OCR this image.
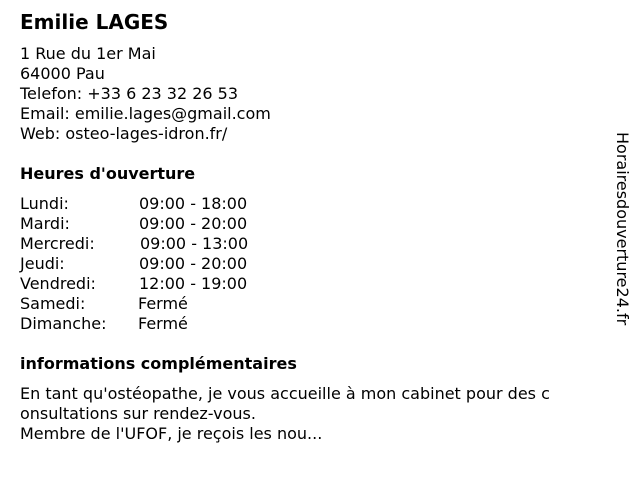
Emilie LAGES
1 Rue du 1er Mai
64000 Pau
Telefon: +33 6 23 32 26 53
Email: emilie.lages@gmail.com
Web: osteo-lages-idron.fr/
Heures d'ouverture
Lundi:	09:00 - 18:00
Mardi:	09:00 - 20:00
Mercredi:	09:00 - 13:00
Jeudi:	09:00 - 20:00
Vendredi:	12:00 - 19:00
Samedi:	Fermé
Dimanche: Fermé
informations complémentaires
En tant qu'ostéopathe, je vous accueille à mon cabinet pour des c
onsultations sur rendez-vous.
Membre de l'UFOF, je reçois les nou...
Horairesdouverture24.fr
